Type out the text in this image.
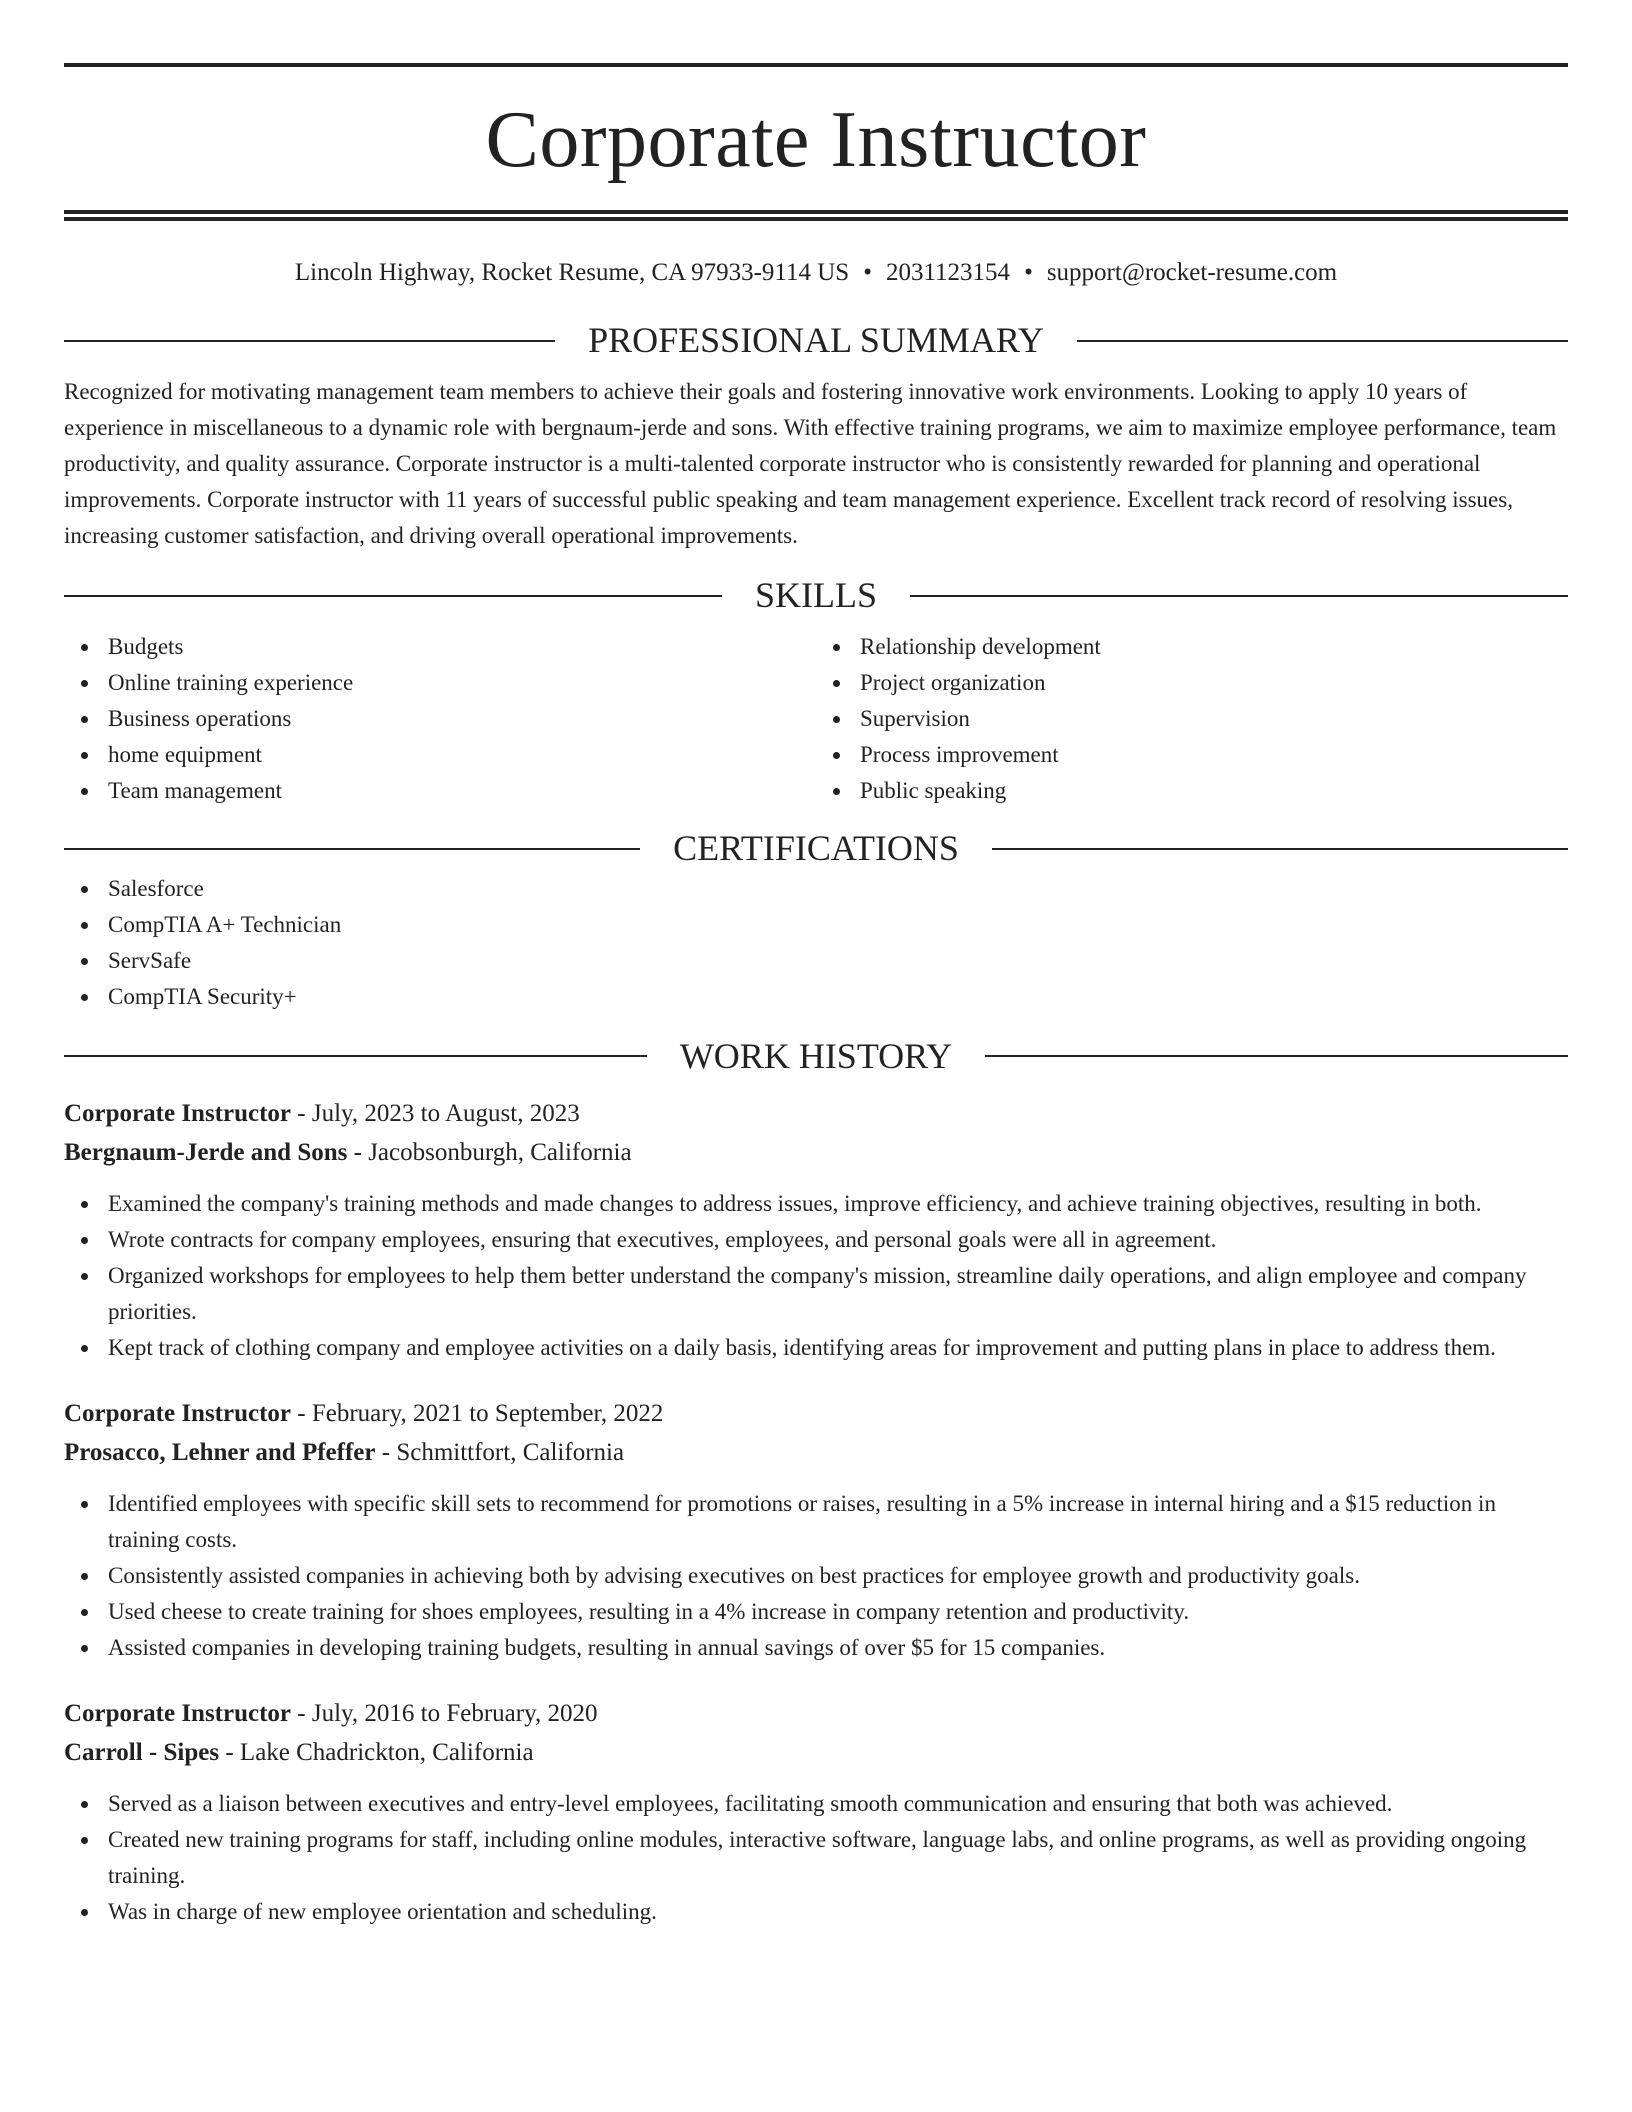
Corporate Instructor
Lincoln Highway, Rocket Resume, CA 97933-9114 US • 2031123154 • support@rocket-resume.com
PROFESSIONAL SUMMARY

Recognized for motivating management team members to achieve their goals and fostering innovative work environments. Looking to apply 10 years of experience in miscellaneous to a dynamic role with bergnaum-jerde and sons. With effective training programs, we aim to maximize employee performance, team productivity, and quality assurance. Corporate instructor is a multi-talented corporate instructor who is consistently rewarded for planning and operational improvements. Corporate instructor with 11 years of successful public speaking and team management experience. Excellent track record of resolving issues, increasing customer satisfaction, and driving overall operational improvements.

SKILLS
Budgets
Online training experience
Business operations
home equipment
Team management
Relationship development
Project organization
Supervision
Process improvement
Public speaking
CERTIFICATIONS
Salesforce
CompTIA A+ Technician
ServSafe
CompTIA Security+
WORK HISTORY
Corporate Instructor - July, 2023 to August, 2023
Bergnaum-Jerde and Sons - Jacobsonburgh, California
Examined the company's training methods and made changes to address issues, improve efficiency, and achieve training objectives, resulting in both.
Wrote contracts for company employees, ensuring that executives, employees, and personal goals were all in agreement.
Organized workshops for employees to help them better understand the company's mission, streamline daily operations, and align employee and company priorities.
Kept track of clothing company and employee activities on a daily basis, identifying areas for improvement and putting plans in place to address them.
Corporate Instructor - February, 2021 to September, 2022
Prosacco, Lehner and Pfeffer - Schmittfort, California
Identified employees with specific skill sets to recommend for promotions or raises, resulting in a 5% increase in internal hiring and a $15 reduction in training costs.
Consistently assisted companies in achieving both by advising executives on best practices for employee growth and productivity goals.
Used cheese to create training for shoes employees, resulting in a 4% increase in company retention and productivity.
Assisted companies in developing training budgets, resulting in annual savings of over $5 for 15 companies.
Corporate Instructor - July, 2016 to February, 2020
Carroll - Sipes - Lake Chadrickton, California
Served as a liaison between executives and entry-level employees, facilitating smooth communication and ensuring that both was achieved.
Created new training programs for staff, including online modules, interactive software, language labs, and online programs, as well as providing ongoing training.
Was in charge of new employee orientation and scheduling.
